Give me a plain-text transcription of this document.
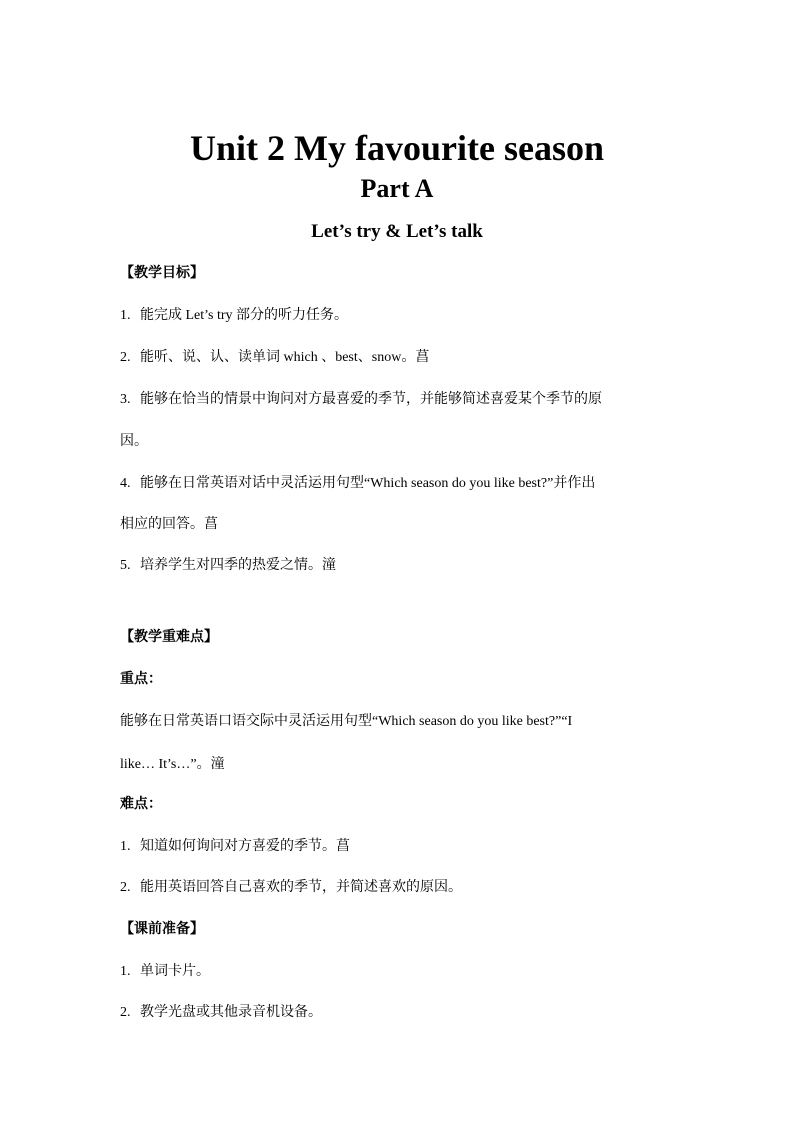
Unit 2 My favourite season
Part A
Let’s try & Let’s talk

【教学目标】

1. 能完成 Let’s try 部分的听力任务。

2. 能听、说、认、读单词 which 、best、snow。菖

3. 能够在恰当的情景中询问对方最喜爱的季节，并能够简述喜爱某个季节的原

因。

4. 能够在日常英语对话中灵活运用句型“Which season do you like best?”并作出

相应的回答。菖

5. 培养学生对四季的热爱之情。潼

【教学重难点】

重点：

能够在日常英语口语交际中灵活运用句型“Which season do you like best?”“I

like… It’s…”。潼

难点：

1. 知道如何询问对方喜爱的季节。菖

2. 能用英语回答自己喜欢的季节，并简述喜欢的原因。

【课前准备】

1. 单词卡片。

2. 教学光盘或其他录音机设备。
